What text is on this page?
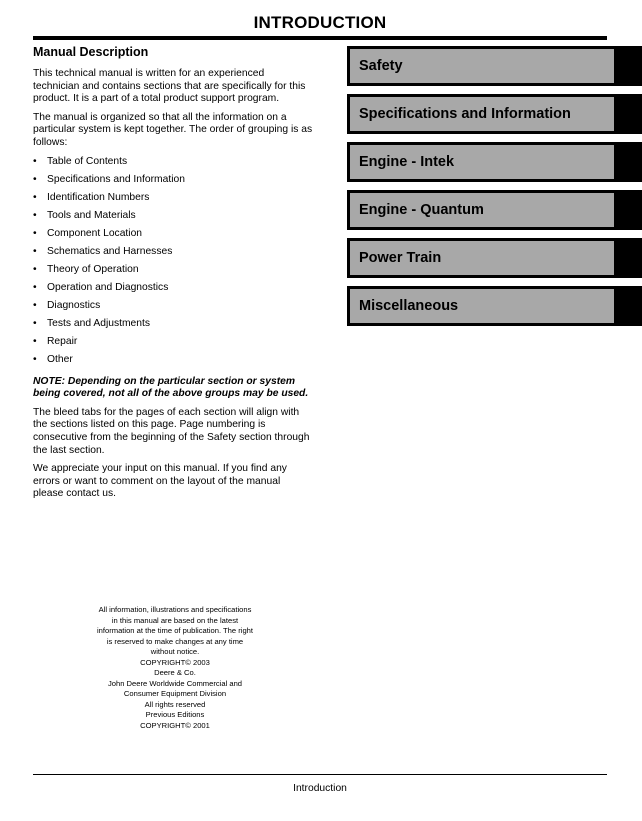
INTRODUCTION
Manual Description

This technical manual is written for an experienced technician and contains sections that are specifically for this product. It is a part of a total product support program.

The manual is organized so that all the information on a particular system is kept together. The order of grouping is as follows:

• Table of Contents
• Specifications and Information
• Identification Numbers
• Tools and Materials
• Component Location
• Schematics and Harnesses
• Theory of Operation
• Operation and Diagnostics
• Diagnostics
• Tests and Adjustments
• Repair
• Other

NOTE: Depending on the particular section or system being covered, not all of the above groups may be used.

The bleed tabs for the pages of each section will align with the sections listed on this page. Page numbering is consecutive from the beginning of the Safety section through the last section.

We appreciate your input on this manual. If you find any errors or want to comment on the layout of the manual please contact us.

Safety
Specifications and Information
Engine - Intek
Engine - Quantum
Power Train
Miscellaneous
All information, illustrations and specifications in this manual are based on the latest information at the time of publication. The right is reserved to make changes at any time without notice.
COPYRIGHT© 2003
Deere & Co.
John Deere Worldwide Commercial and Consumer Equipment Division
All rights reserved
Previous Editions
COPYRIGHT© 2001
Introduction
